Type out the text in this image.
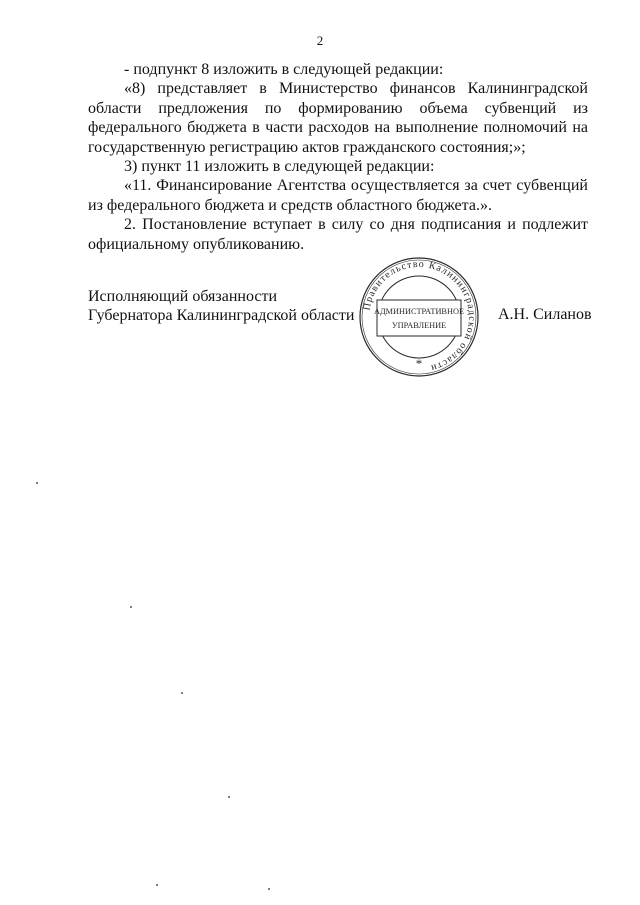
2

- подпункт 8 изложить в следующей редакции:

«8) представляет в Министерство финансов Калининградской области предложения по формированию объема субвенций из федерального бюджета в части расходов на выполнение полномочий на государственную регистрацию актов гражданского состояния;»;

3) пункт 11 изложить в следующей редакции:

«11. Финансирование Агентства осуществляется за счет субвенций из федерального бюджета и средств областного бюджета.».

2. Постановление вступает в силу со дня подписания и подлежит официальному опубликованию.

Исполняющий обязанности
Губернатора Калининградской области
Правительство Калининградской области
АДМИНИСТРАТИВНОЕ
УПРАВЛЕНИЕ
*
А.Н. Силанов
